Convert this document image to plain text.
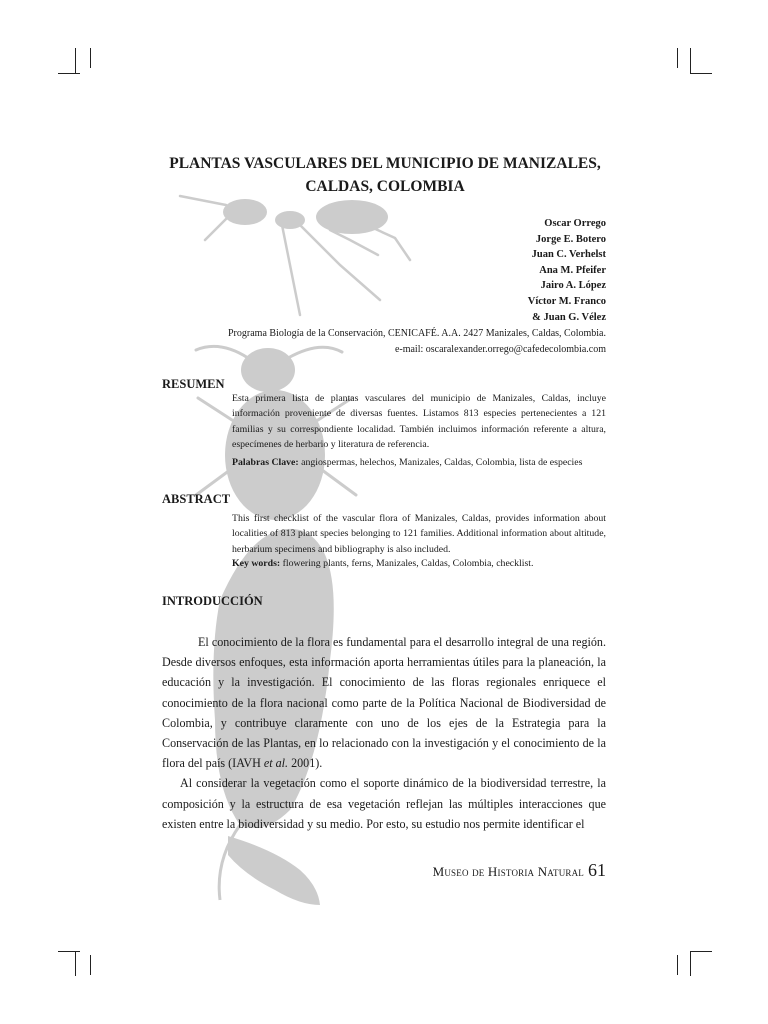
PLANTAS VASCULARES DEL MUNICIPIO DE MANIZALES,
CALDAS, COLOMBIA
Oscar Orrego
Jorge E. Botero
Juan C. Verhelst
Ana M. Pfeifer
Jairo A. López
Víctor M. Franco
& Juan G. Vélez
Programa Biología de la Conservación, CENICAFÉ. A.A. 2427 Manizales, Caldas, Colombia.
e-mail: oscaralexander.orrego@cafedecolombia.com
RESUMEN

Esta primera lista de plantas vasculares del municipio de Manizales, Caldas, incluye información proveniente de diversas fuentes. Listamos 813 especies pertenecientes a 121 familias y su correspondiente localidad. También incluimos información referente a altura, especímenes de herbario y literatura de referencia.

Palabras Clave: angiospermas, helechos, Manizales, Caldas, Colombia, lista de especies

ABSTRACT

This first checklist of the vascular flora of Manizales, Caldas, provides information about localities of 813 plant species belonging to 121 families. Additional information about altitude, herbarium specimens and bibliography is also included.

Key words: flowering plants, ferns, Manizales, Caldas, Colombia, checklist.

INTRODUCCIÓN

El conocimiento de la flora es fundamental para el desarrollo integral de una región. Desde diversos enfoques, esta información aporta herramientas útiles para la planeación, la educación y la investigación. El conocimiento de las floras regionales enriquece el conocimiento de la flora nacional como parte de la Política Nacional de Biodiversidad de Colombia, y contribuye claramente con uno de los ejes de la Estrategia para la Conservación de las Plantas, en lo relacionado con la investigación y el conocimiento de la flora del país (IAVH et al. 2001).

Al considerar la vegetación como el soporte dinámico de la biodiversidad terrestre, la composición y la estructura de esa vegetación reflejan las múltiples interacciones que existen entre la biodiversidad y su medio. Por esto, su estudio nos permite identificar el

Museo de Historia Natural 61
